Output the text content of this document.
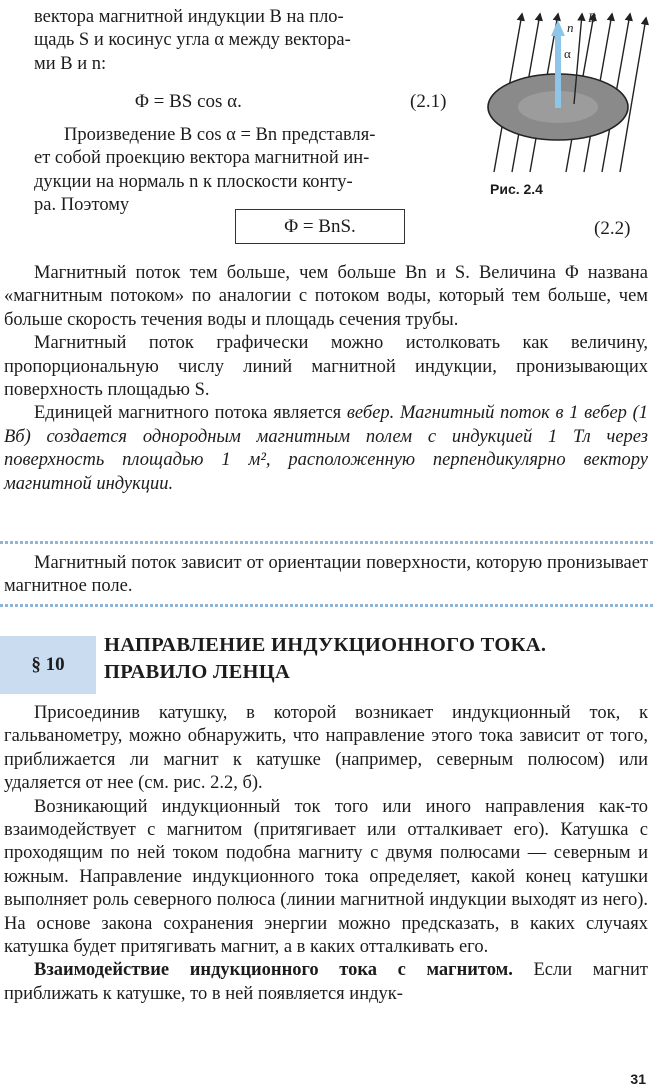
вектора магнитной индукции B на пло-

щадь S и косинус угла α между вектора-

ми B и n:

Φ = BS cos α.	(2.1)

Произведение B cos α = Bn представля-

ет собой проекцию вектора магнитной ин-

дукции на нормаль n к плоскости конту-

ра. Поэтому

Φ = BnS.	(2.2)
n
B
α
Рис. 2.4

Магнитный поток тем больше, чем больше Bn и S. Величина Φ названа «магнитным потоком» по аналогии с потоком воды, который тем больше, чем больше скорость течения воды и площадь сечения трубы.

Магнитный поток графически можно истолковать как величину, пропорциональную числу линий магнитной индукции, пронизывающих поверхность площадью S.

Единицей магнитного потока является вебер. Магнитный поток в 1 вебер (1 Вб) создается однородным магнитным полем с индукцией 1 Тл через поверхность площадью 1 м², расположенную перпендикулярно вектору магнитной индукции.

Магнитный поток зависит от ориентации поверхности, которую пронизывает магнитное поле.

§ 10
НАПРАВЛЕНИЕ ИНДУКЦИОННОГО ТОКА.
ПРАВИЛО ЛЕНЦА

Присоединив катушку, в которой возникает индукционный ток, к гальванометру, можно обнаружить, что направление этого тока зависит от того, приближается ли магнит к катушке (например, северным полюсом) или удаляется от нее (см. рис. 2.2, б).

Возникающий индукционный ток того или иного направления как-то взаимодействует с магнитом (притягивает или отталкивает его). Катушка с проходящим по ней током подобна магниту с двумя полюсами — северным и южным. Направление индукционного тока определяет, какой конец катушки выполняет роль северного полюса (линии магнитной индукции выходят из него). На основе закона сохранения энергии можно предсказать, в каких случаях катушка будет притягивать магнит, а в каких отталкивать его.

Взаимодействие индукционного тока с магнитом. Если магнит приближать к катушке, то в ней появляется индук-

31
